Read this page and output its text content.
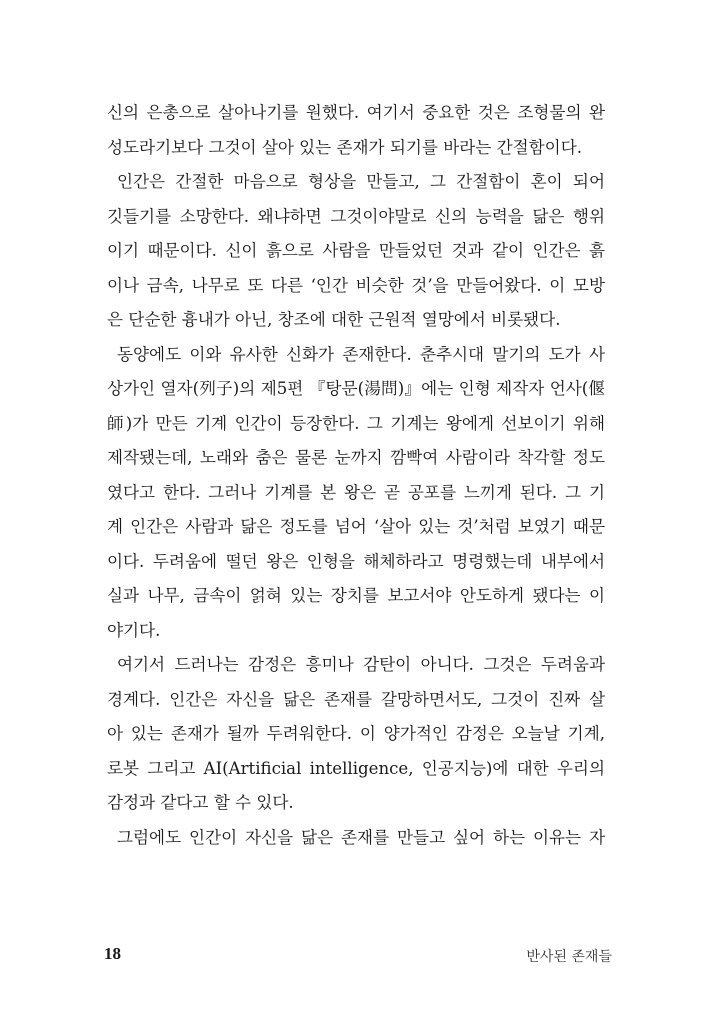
신의 은총으로 살아나기를 원했다. 여기서 중요한 것은 조형물의 완
성도라기보다 그것이 살아 있는 존재가 되기를 바라는 간절함이다.
인간은 간절한 마음으로 형상을 만들고, 그 간절함이 혼이 되어
깃들기를 소망한다. 왜냐하면 그것이야말로 신의 능력을 닮은 행위
이기 때문이다. 신이 흙으로 사람을 만들었던 것과 같이 인간은 흙
이나 금속, 나무로 또 다른 ‘인간 비슷한 것’을 만들어왔다. 이 모방
은 단순한 흉내가 아닌, 창조에 대한 근원적 열망에서 비롯됐다.
동양에도 이와 유사한 신화가 존재한다. 춘추시대 말기의 도가 사
상가인 열자(列子)의 제5편 『탕문(湯問)』에는 인형 제작자 언사(偃
師)가 만든 기계 인간이 등장한다. 그 기계는 왕에게 선보이기 위해
제작됐는데, 노래와 춤은 물론 눈까지 깜빡여 사람이라 착각할 정도
였다고 한다. 그러나 기계를 본 왕은 곧 공포를 느끼게 된다. 그 기
계 인간은 사람과 닮은 정도를 넘어 ‘살아 있는 것’처럼 보였기 때문
이다. 두려움에 떨던 왕은 인형을 해체하라고 명령했는데 내부에서
실과 나무, 금속이 얽혀 있는 장치를 보고서야 안도하게 됐다는 이
야기다.
여기서 드러나는 감정은 흥미나 감탄이 아니다. 그것은 두려움과
경계다. 인간은 자신을 닮은 존재를 갈망하면서도, 그것이 진짜 살
아 있는 존재가 될까 두려워한다. 이 양가적인 감정은 오늘날 기계,
로봇 그리고 AI(Artificial intelligence, 인공지능)에 대한 우리의
감정과 같다고 할 수 있다.
그럼에도 인간이 자신을 닮은 존재를 만들고 싶어 하는 이유는 자
18	반사된 존재들
